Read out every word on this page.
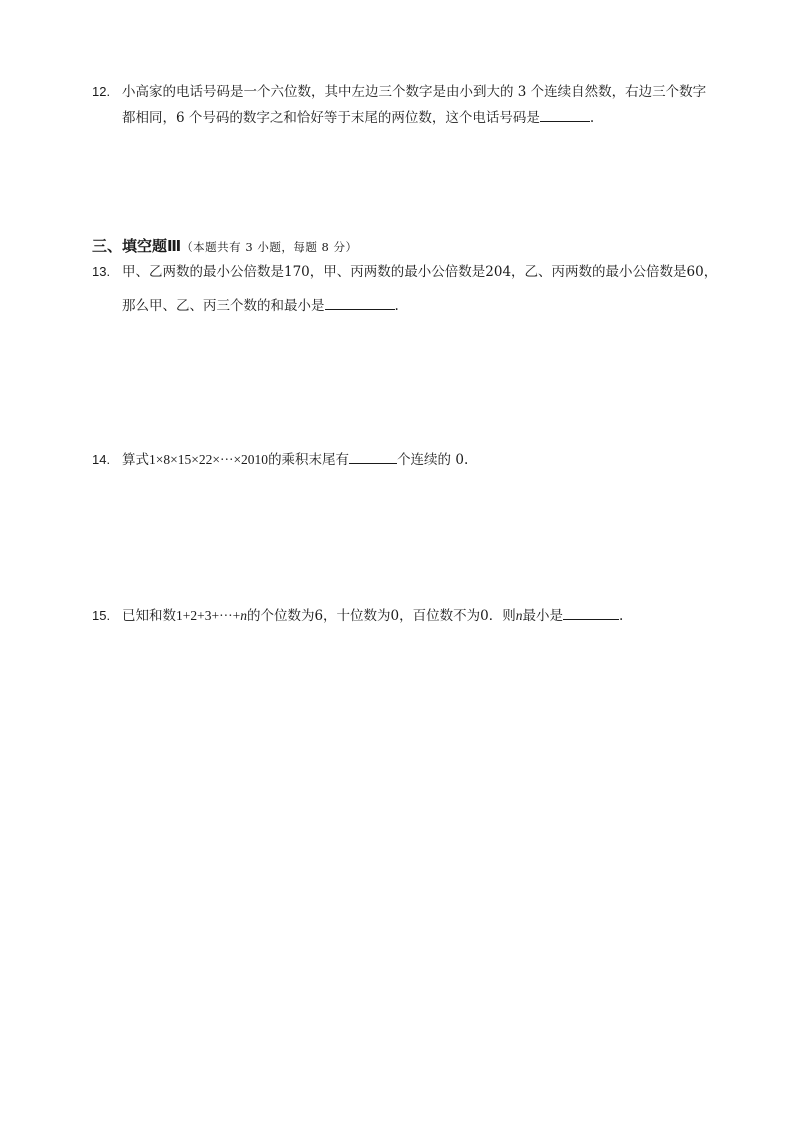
12. 小高家的电话号码是一个六位数，其中左边三个数字是由小到大的 3 个连续自然数，右边三个数字
都相同，6 个号码的数字之和恰好等于末尾的两位数，这个电话号码是	.
三、填空题Ⅲ（本题共有 3 小题，每题 8 分）
13. 甲、乙两数的最小公倍数是170，甲、丙两数的最小公倍数是204，乙、丙两数的最小公倍数是60，
那么甲、乙、丙三个数的和最小是	.
14. 算式1×8×15×22×···×2010的乘积末尾有	个连续的 0.
15. 已知和数1+2+3+···+n的个位数为6，十位数为0，百位数不为0．则n最小是	.
